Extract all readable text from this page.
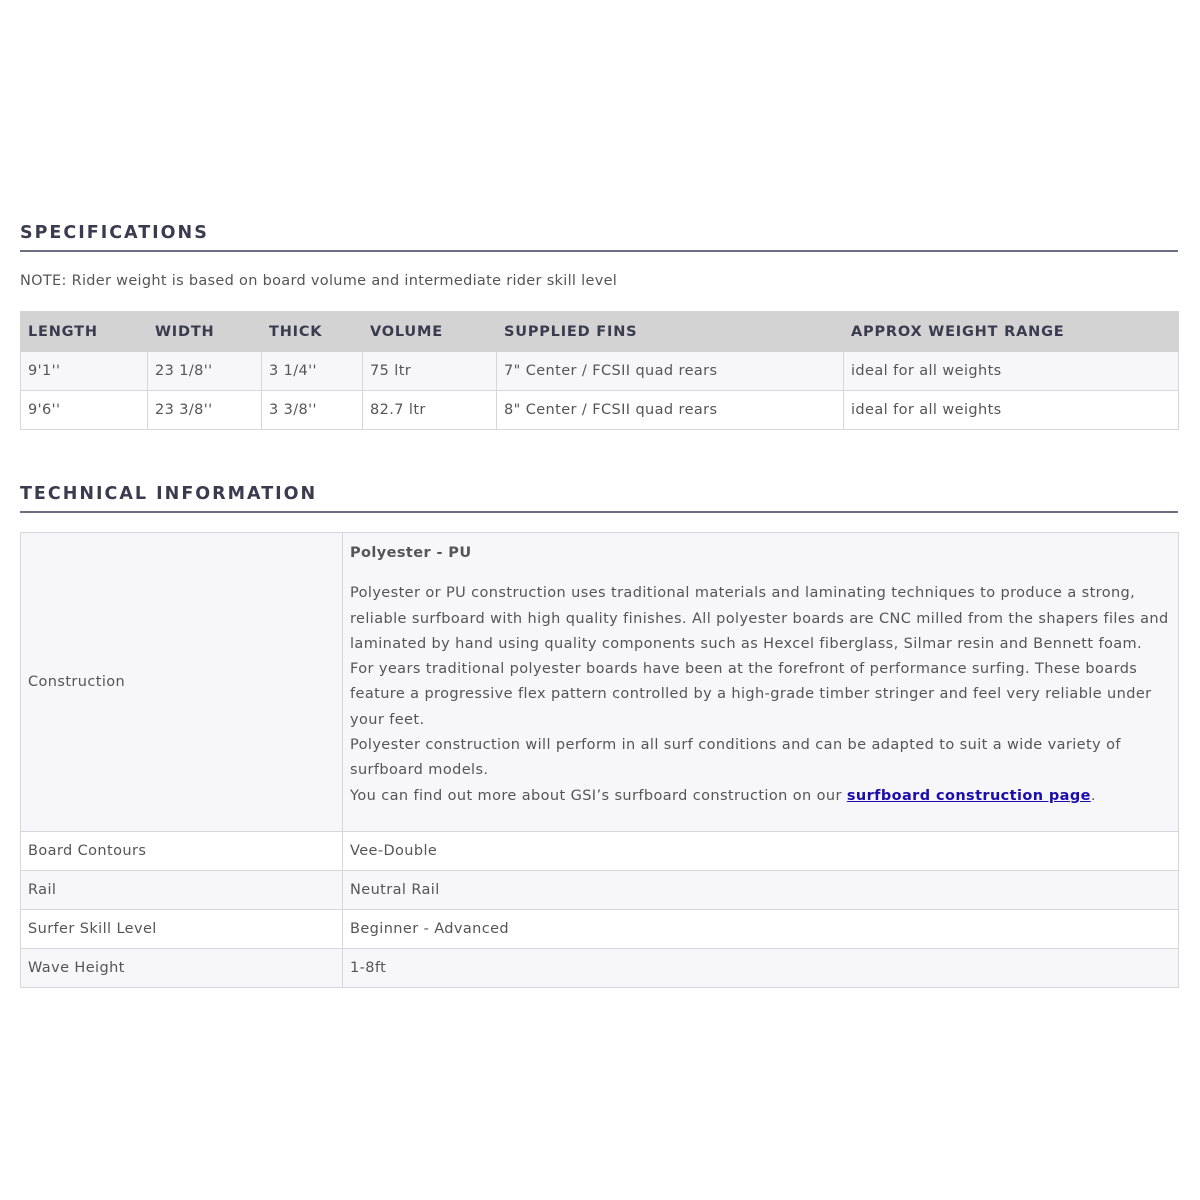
SPECIFICATIONS
NOTE: Rider weight is based on board volume and intermediate rider skill level
LENGTH	WIDTH	THICK	VOLUME	SUPPLIED FINS	APPROX WEIGHT RANGE
9'1''	23 1/8''	3 1/4''	75 ltr	7" Center / FCSII quad rears	ideal for all weights
9'6''	23 3/8''	3 3/8''	82.7 ltr	8" Center / FCSII quad rears	ideal for all weights
TECHNICAL INFORMATION
Construction	Polyester - PU

Polyester or PU construction uses traditional materials and laminating techniques to produce a strong, reliable surfboard with high quality finishes. All polyester boards are CNC milled from the shapers files and laminated by hand using quality components such as Hexcel fiberglass, Silmar resin and Bennett foam.

For years traditional polyester boards have been at the forefront of performance surfing. These boards feature a progressive flex pattern controlled by a high-grade timber stringer and feel very reliable under your feet.

Polyester construction will perform in all surf conditions and can be adapted to suit a wide variety of surfboard models.

You can find out more about GSI’s surfboard construction on our surfboard construction page.

Board Contours	Vee-Double
Rail	Neutral Rail
Surfer Skill Level	Beginner - Advanced
Wave Height	1-8ft
